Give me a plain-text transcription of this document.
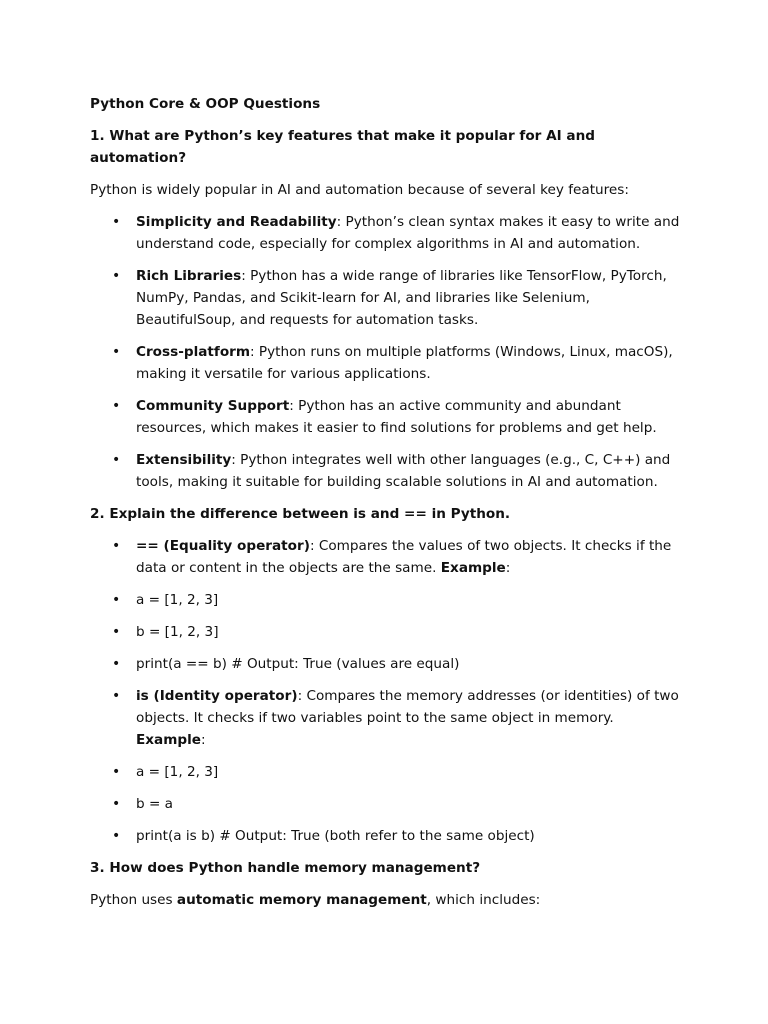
Python Core & OOP Questions

1. What are Python’s key features that make it popular for AI and automation?

Python is widely popular in AI and automation because of several key features:

• Simplicity and Readability: Python’s clean syntax makes it easy to write and understand code, especially for complex algorithms in AI and automation.
• Rich Libraries: Python has a wide range of libraries like TensorFlow, PyTorch, NumPy, Pandas, and Scikit-learn for AI, and libraries like Selenium, BeautifulSoup, and requests for automation tasks.
• Cross-platform: Python runs on multiple platforms (Windows, Linux, macOS), making it versatile for various applications.
• Community Support: Python has an active community and abundant resources, which makes it easier to find solutions for problems and get help.
• Extensibility: Python integrates well with other languages (e.g., C, C++) and tools, making it suitable for building scalable solutions in AI and automation.

2. Explain the difference between is and == in Python.

• == (Equality operator): Compares the values of two objects. It checks if the data or content in the objects are the same. Example:
• a = [1, 2, 3]
• b = [1, 2, 3]
• print(a == b) # Output: True (values are equal)
• is (Identity operator): Compares the memory addresses (or identities) of two objects. It checks if two variables point to the same object in memory. Example:
• a = [1, 2, 3]
• b = a
• print(a is b) # Output: True (both refer to the same object)

3. How does Python handle memory management?

Python uses automatic memory management, which includes:
